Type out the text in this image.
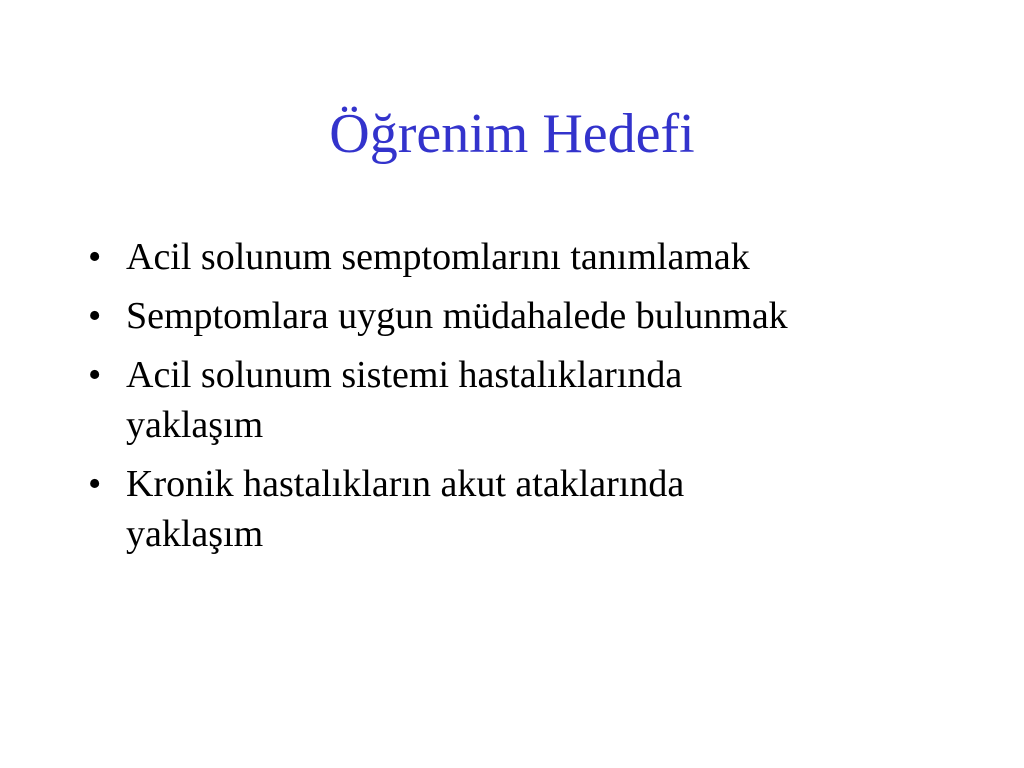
Öğrenim Hedefi
• Acil solunum semptomlarını tanımlamak
• Semptomlara uygun müdahalede bulunmak
• Acil solunum sistemi hastalıklarında yaklaşım
• Kronik hastalıkların akut ataklarında yaklaşım
